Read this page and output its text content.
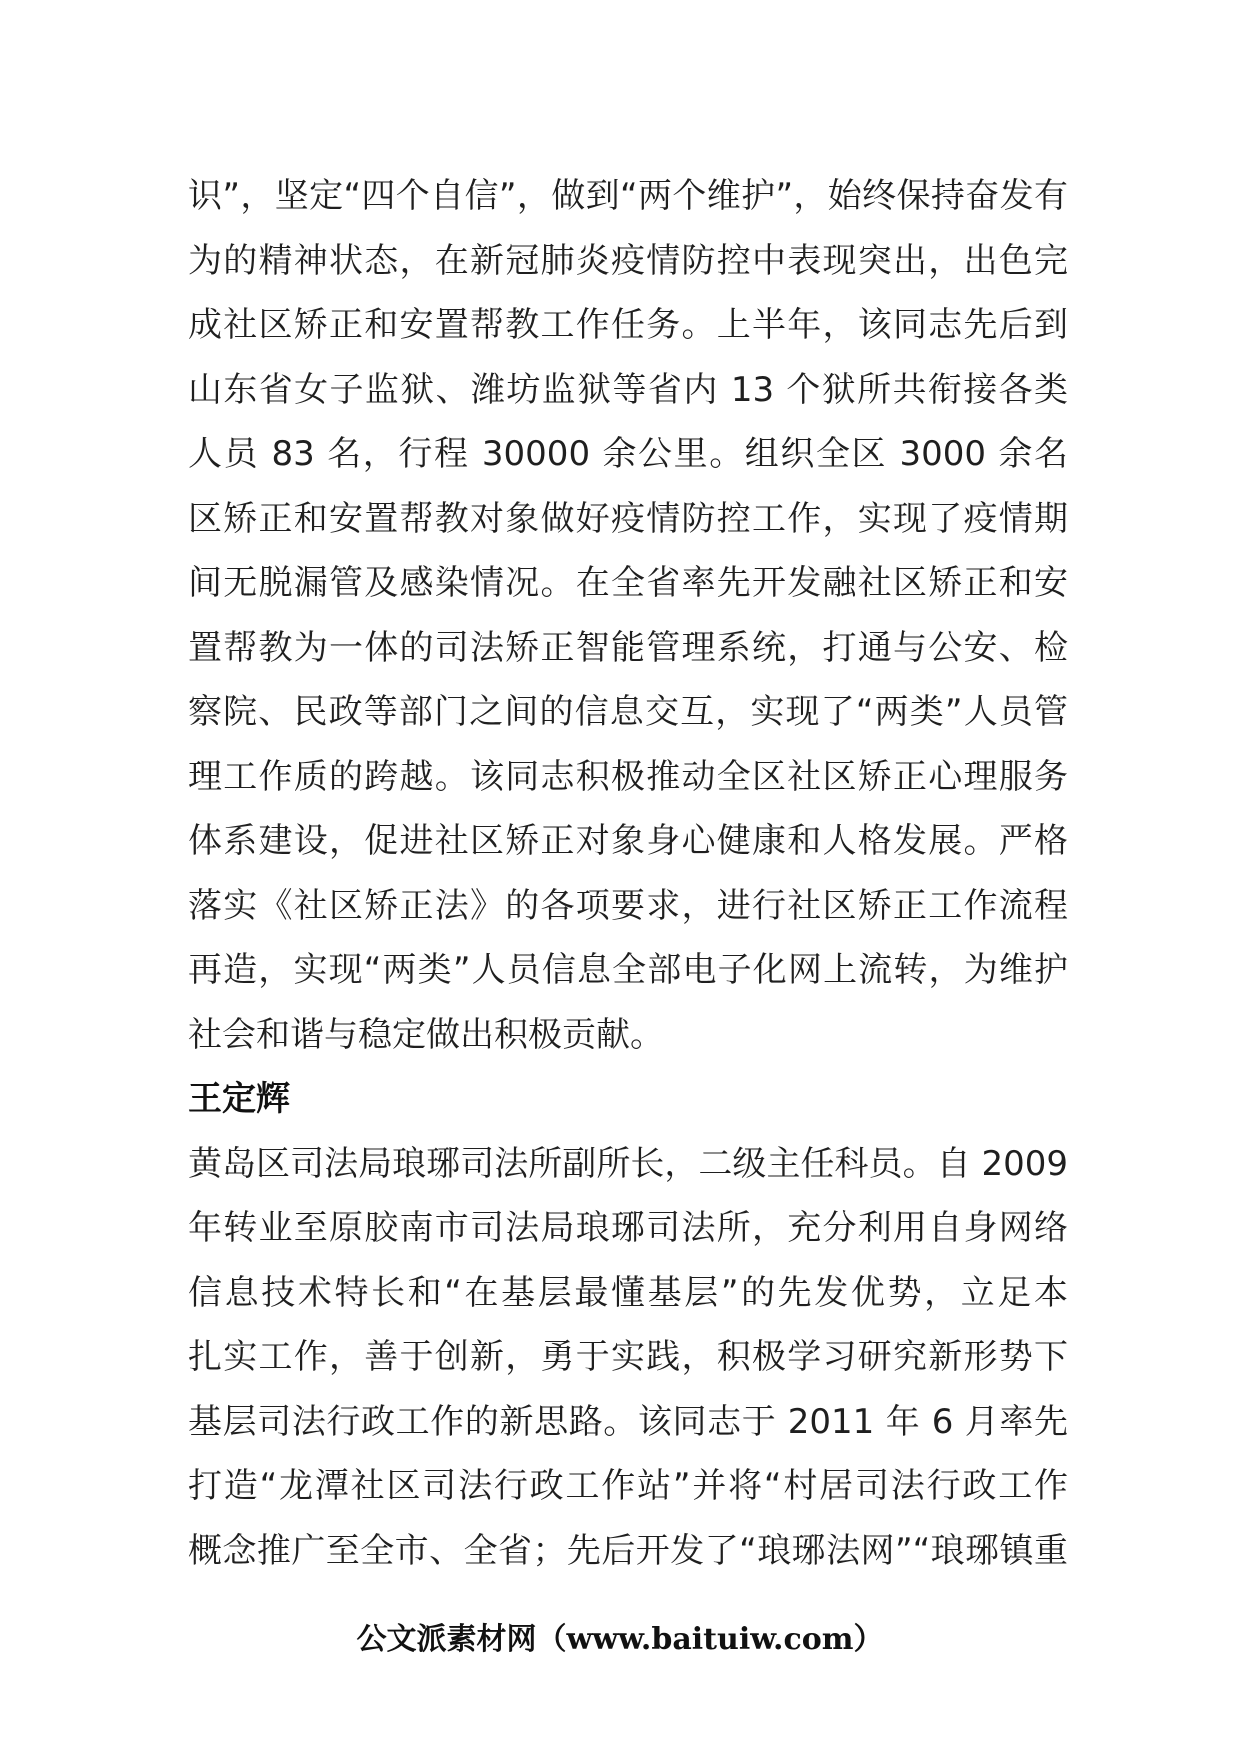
识”，坚定“四个自信”，做到“两个维护”，始终保持奋发有
为的精神状态，在新冠肺炎疫情防控中表现突出，出色完
成社区矫正和安置帮教工作任务。上半年，该同志先后到
山东省女子监狱、潍坊监狱等省内 13 个狱所共衔接各类
人员 83 名，行程 30000 余公里。组织全区 3000 余名
区矫正和安置帮教对象做好疫情防控工作，实现了疫情期
间无脱漏管及感染情况。在全省率先开发融社区矫正和安
置帮教为一体的司法矫正智能管理系统，打通与公安、检
察院、民政等部门之间的信息交互，实现了“两类”人员管
理工作质的跨越。该同志积极推动全区社区矫正心理服务
体系建设，促进社区矫正对象身心健康和人格发展。严格
落实《社区矫正法》的各项要求，进行社区矫正工作流程
再造，实现“两类”人员信息全部电子化网上流转，为维护
社会和谐与稳定做出积极贡献。
王定辉
黄岛区司法局琅琊司法所副所长，二级主任科员。自 2009
年转业至原胶南市司法局琅琊司法所，充分利用自身网络
信息技术特长和“在基层最懂基层”的先发优势，立足本
扎实工作，善于创新，勇于实践，积极学习研究新形势下
基层司法行政工作的新思路。该同志于 2011 年 6 月率先
打造“龙潭社区司法行政工作站”并将“村居司法行政工作
概念推广至全市、全省；先后开发了“琅琊法网”“琅琊镇重
公文派素材网（www.baituiw.com）
